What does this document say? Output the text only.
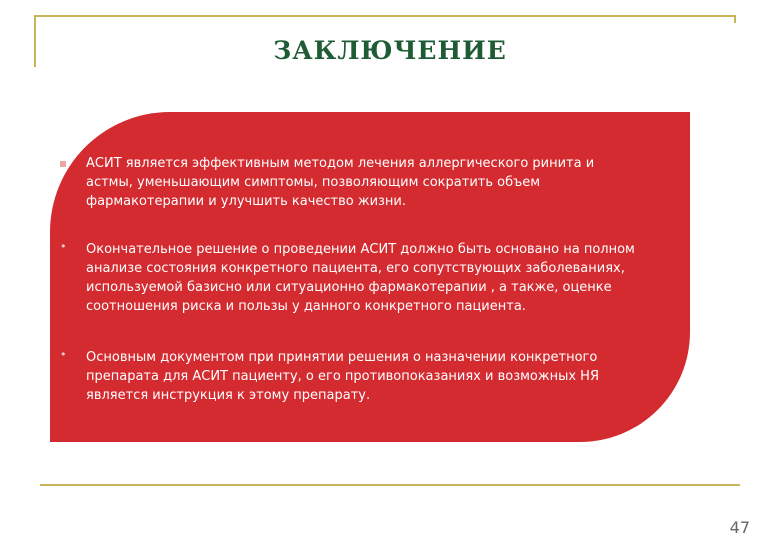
ЗАКЛЮЧЕНИЕ
АСИТ является эффективным методом лечения аллергического ринита и
астмы, уменьшающим симптомы, позволяющим сократить объем
фармакотерапии и улучшить качество жизни.
• Окончательное решение о проведении АСИТ должно быть основано на полном
анализе состояния конкретного пациента, его сопутствующих заболеваниях,
используемой базисно или ситуационно фармакотерапии , а также, оценке
соотношения риска и пользы у данного конкретного пациента.
• Основным документом при принятии решения о назначении конкретного
препарата для АСИТ пациенту, о его противопоказаниях и возможных НЯ
является инструкция к этому препарату.
47
